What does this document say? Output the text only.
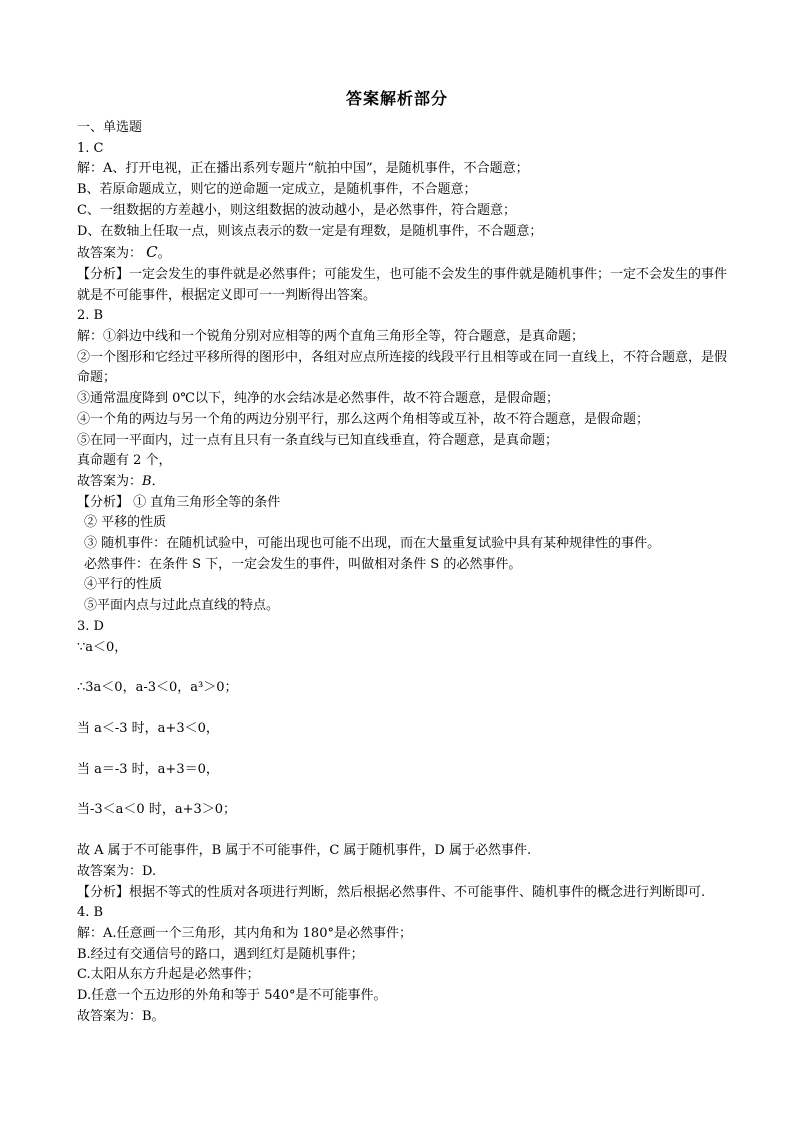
答案解析部分
一、单选题
1. C
解：A、打开电视，正在播出系列专题片“航拍中国”，是随机事件，不合题意；
B、若原命题成立，则它的逆命题一定成立，是随机事件，不合题意；
C、一组数据的方差越小，则这组数据的波动越小，是必然事件，符合题意；
D、在数轴上任取一点，则该点表示的数一定是有理数，是随机事件，不合题意；
故答案为： C。
【分析】一定会发生的事件就是必然事件；可能发生，也可能不会发生的事件就是随机事件；一定不会发生的事件就是不可能事件，根据定义即可一一判断得出答案。
2. B
解：①斜边中线和一个锐角分别对应相等的两个直角三角形全等，符合题意，是真命题；
②一个图形和它经过平移所得的图形中，各组对应点所连接的线段平行且相等或在同一直线上，不符合题意，是假命题；
③通常温度降到 0℃以下，纯净的水会结冰是必然事件，故不符合题意，是假命题；
④一个角的两边与另一个角的两边分别平行，那么这两个角相等或互补，故不符合题意，是假命题；
⑤在同一平面内，过一点有且只有一条直线与已知直线垂直，符合题意，是真命题；
真命题有 2 个，
故答案为：B．
【分析】 ① 直角三角形全等的条件
② 平移的性质
③ 随机事件：在随机试验中，可能出现也可能不出现，而在大量重复试验中具有某种规律性的事件。
必然事件：在条件 S 下，一定会发生的事件，叫做相对条件 S 的必然事件。
④平行的性质
⑤平面内点与过此点直线的特点。
3. D
∵a＜0，
∴3a＜0，a-3＜0，a³＞0；
当 a＜-3 时，a+3＜0，
当 a＝-3 时，a+3＝0，
当-3＜a＜0 时，a+3＞0；
故 A 属于不可能事件，B 属于不可能事件，C 属于随机事件，D 属于必然事件.
故答案为：D.
【分析】根据不等式的性质对各项进行判断，然后根据必然事件、不可能事件、随机事件的概念进行判断即可.
4. B
解：A.任意画一个三角形，其内角和为 180°是必然事件；
B.经过有交通信号的路口，遇到红灯是随机事件；
C.太阳从东方升起是必然事件；
D.任意一个五边形的外角和等于 540°是不可能事件。
故答案为：B。
